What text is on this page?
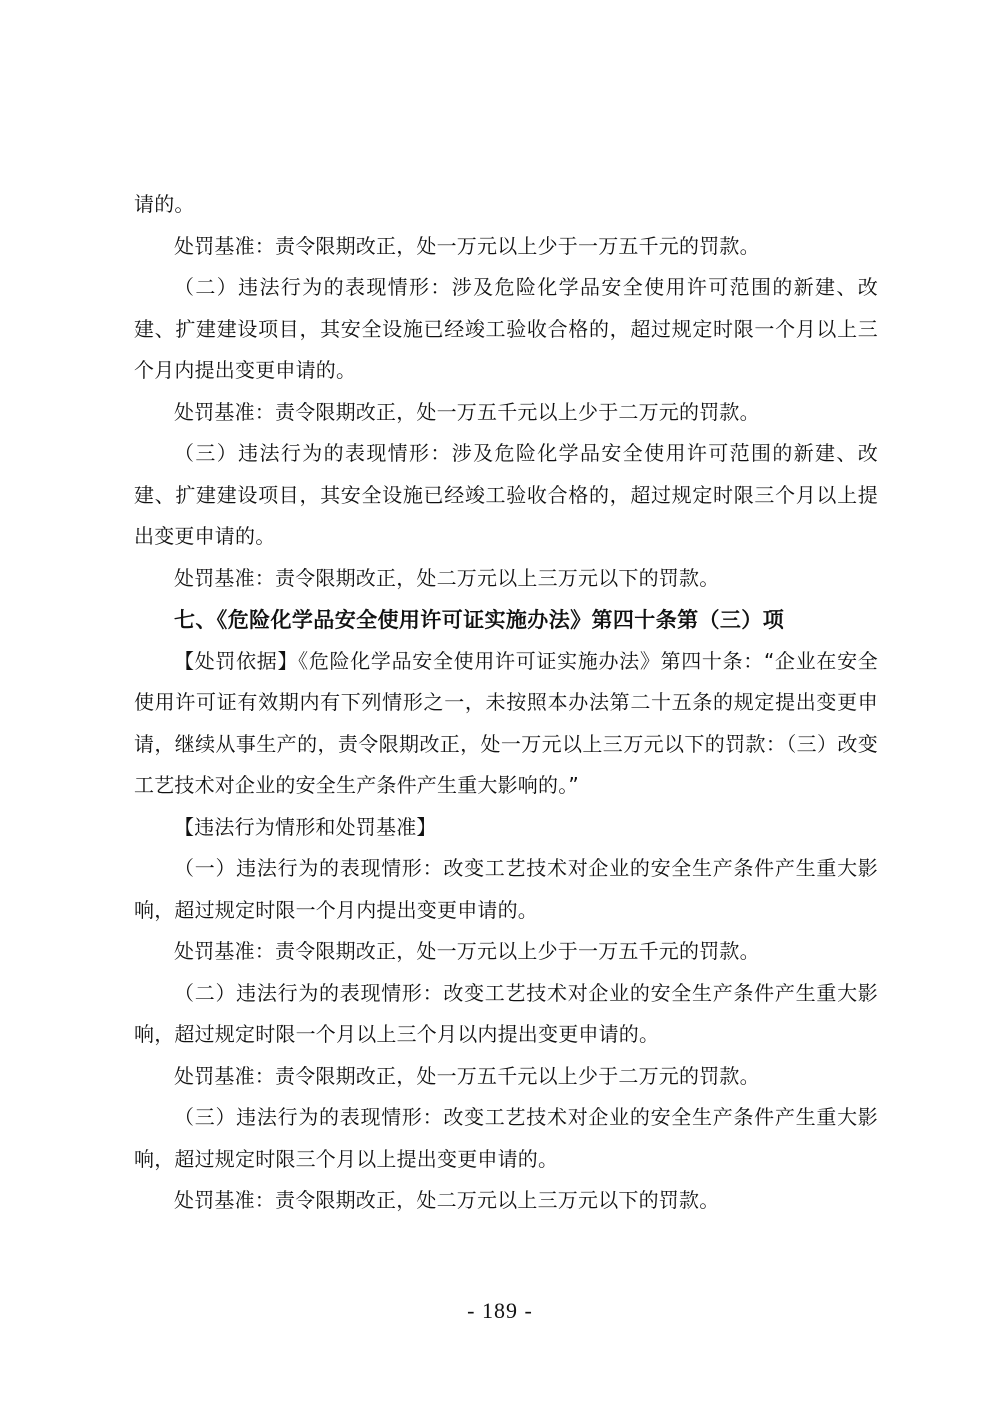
请的。

处罚基准：责令限期改正，处一万元以上少于一万五千元的罚款。

（二）违法行为的表现情形：涉及危险化学品安全使用许可范围的新建、改建、扩建建设项目，其安全设施已经竣工验收合格的，超过规定时限一个月以上三个月内提出变更申请的。

处罚基准：责令限期改正，处一万五千元以上少于二万元的罚款。

（三）违法行为的表现情形：涉及危险化学品安全使用许可范围的新建、改建、扩建建设项目，其安全设施已经竣工验收合格的，超过规定时限三个月以上提出变更申请的。

处罚基准：责令限期改正，处二万元以上三万元以下的罚款。

七、《危险化学品安全使用许可证实施办法》第四十条第（三）项

【处罚依据】《危险化学品安全使用许可证实施办法》第四十条：“企业在安全使用许可证有效期内有下列情形之一，未按照本办法第二十五条的规定提出变更申请，继续从事生产的，责令限期改正，处一万元以上三万元以下的罚款：（三）改变工艺技术对企业的安全生产条件产生重大影响的。”

【违法行为情形和处罚基准】

（一）违法行为的表现情形：改变工艺技术对企业的安全生产条件产生重大影响，超过规定时限一个月内提出变更申请的。

处罚基准：责令限期改正，处一万元以上少于一万五千元的罚款。

（二）违法行为的表现情形：改变工艺技术对企业的安全生产条件产生重大影响，超过规定时限一个月以上三个月以内提出变更申请的。

处罚基准：责令限期改正，处一万五千元以上少于二万元的罚款。

（三）违法行为的表现情形：改变工艺技术对企业的安全生产条件产生重大影响，超过规定时限三个月以上提出变更申请的。

处罚基准：责令限期改正，处二万元以上三万元以下的罚款。

- 189 -
